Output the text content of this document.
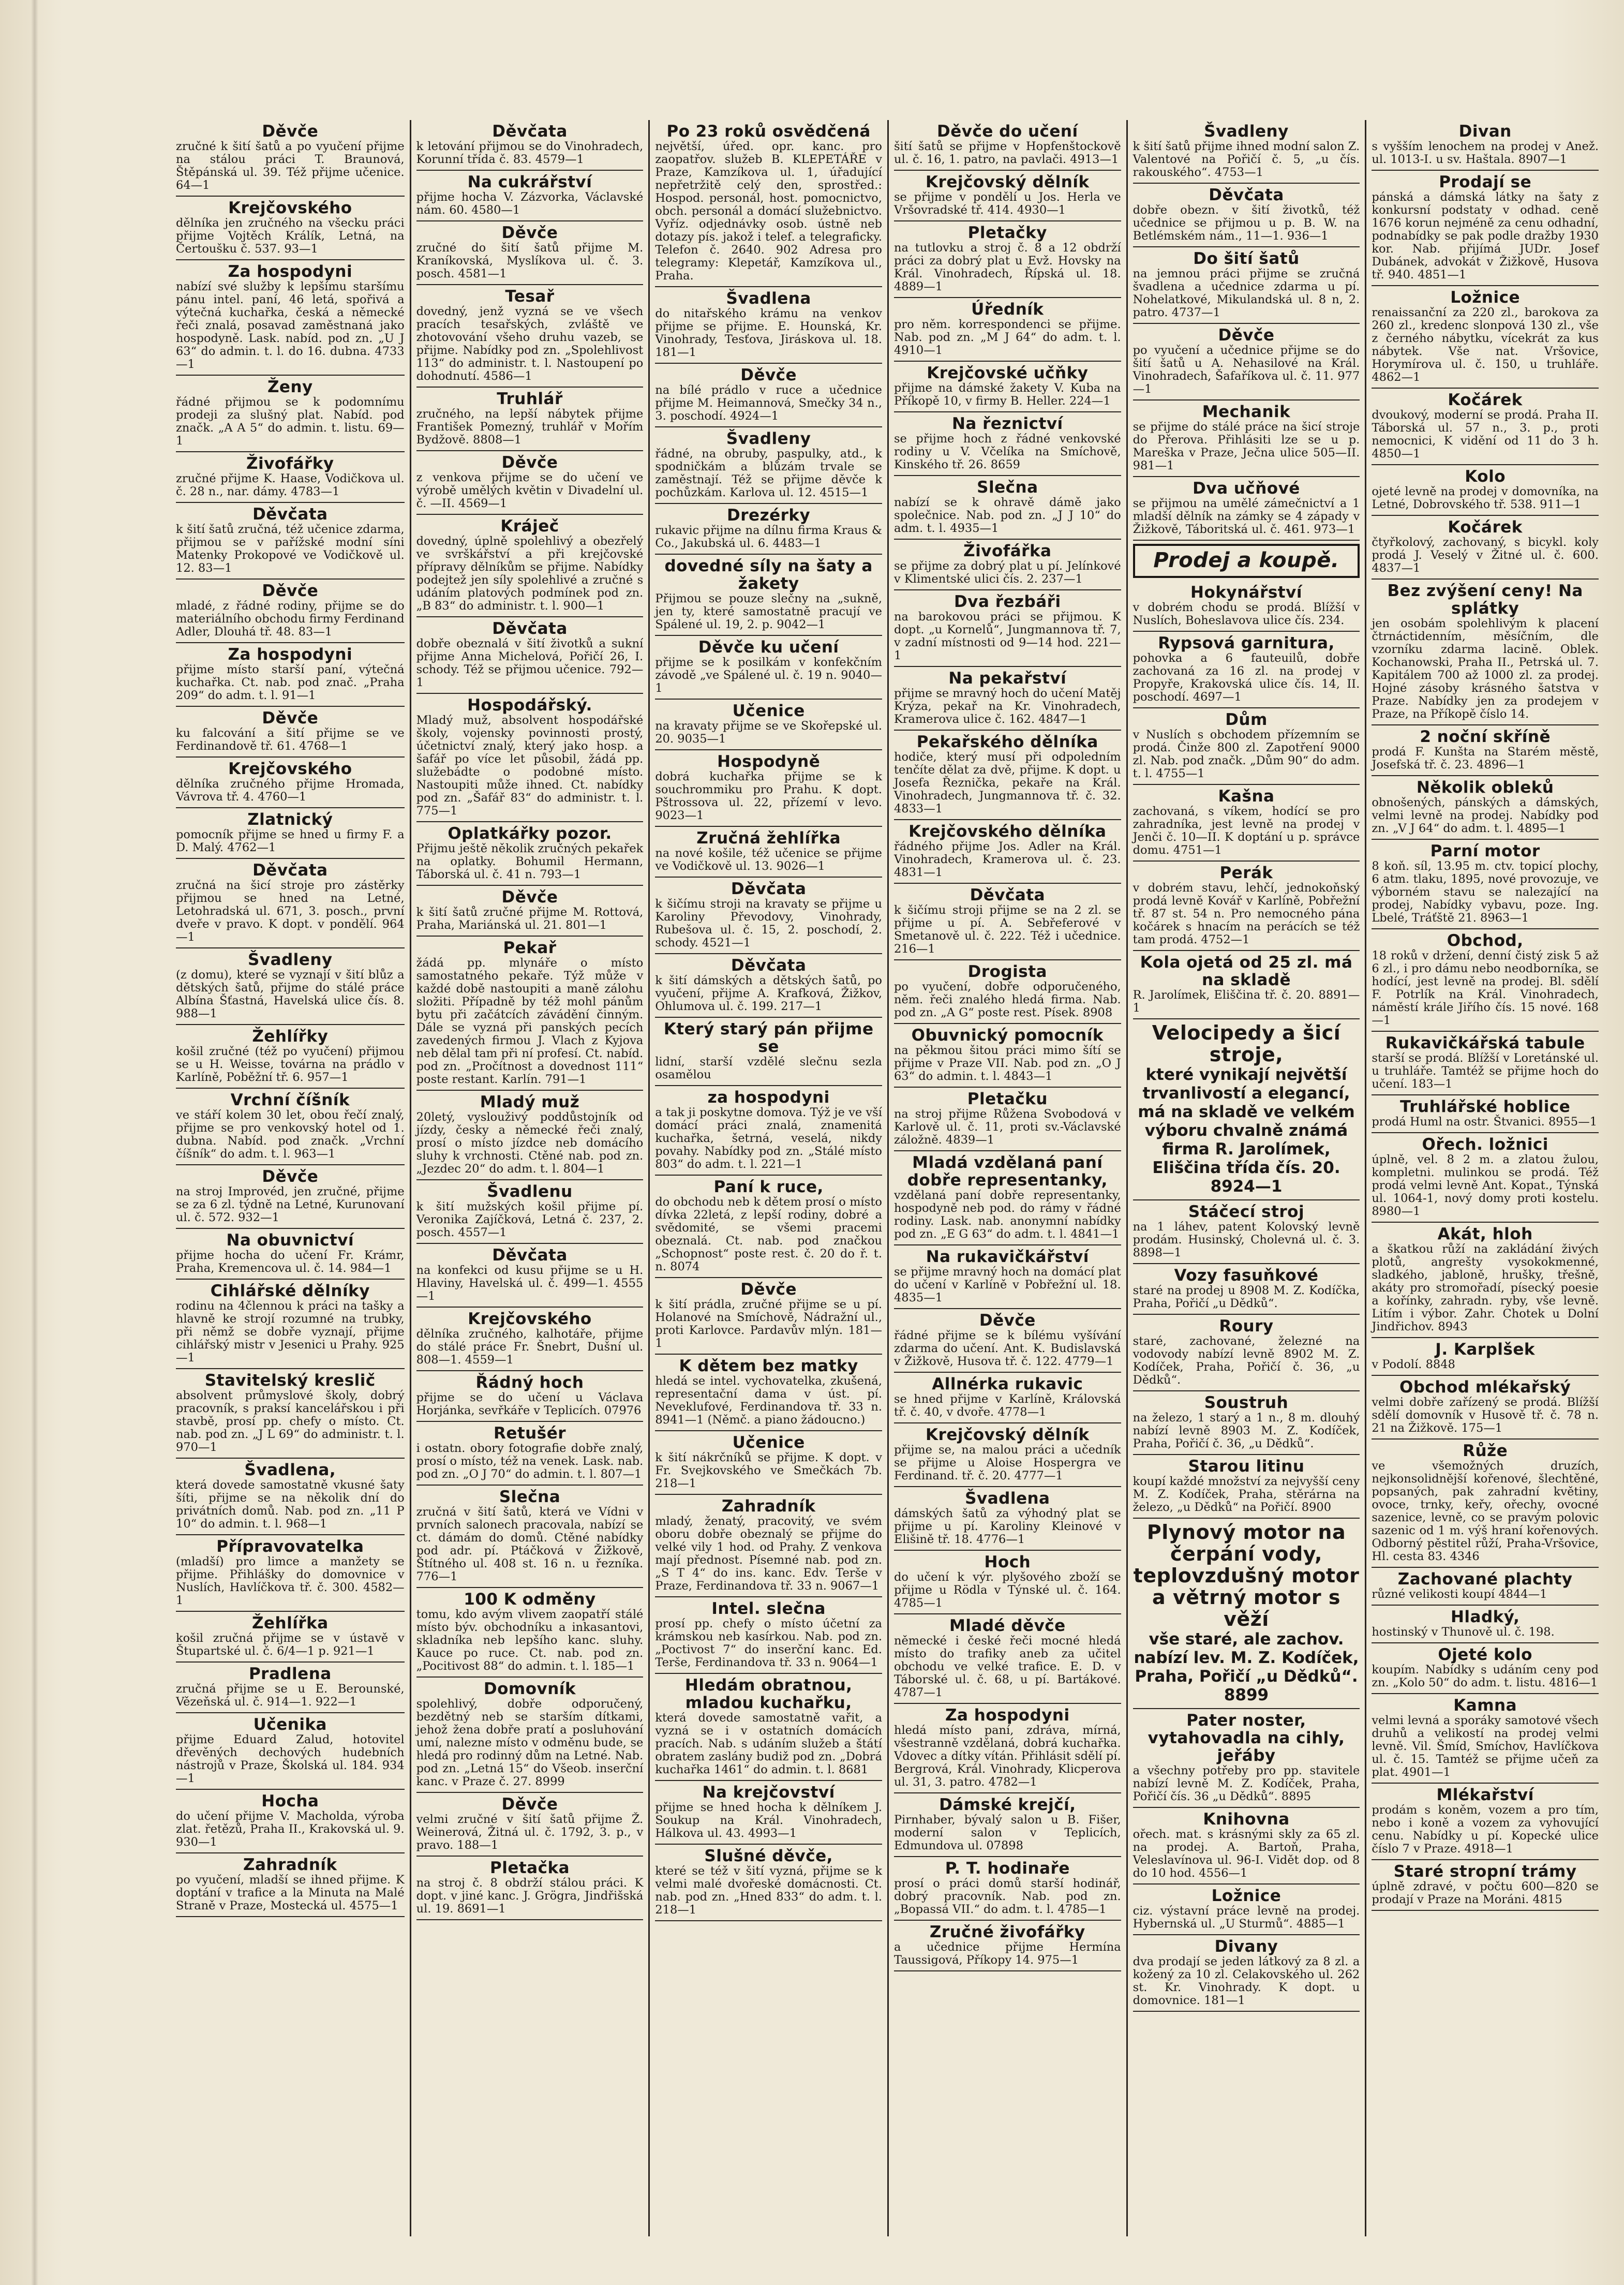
Děvče
zručné k šití šatů a po vyučení přijme na stálou práci T. Braunová, Štěpánská ul. 39. Též přijme učenice. 64—1
Krejčovského
dělníka jen zručného na všecku práci přijme Vojtěch Králík, Letná, na Čertoušku č. 537. 93—1
Za hospodyni
nabízí své služby k lepšímu staršímu pánu intel. paní, 46 letá, spořivá a výtečná kuchařka, česká a německé řeči znalá, posavad zaměstnaná jako hospodyně. Lask. nabíd. pod zn. „U J 63“ do admin. t. l. do 16. dubna. 4733—1
Ženy
řádné přijmou se k podomnímu prodeji za slušný plat. Nabíd. pod značk. „A A 5“ do admin. t. listu. 69—1
Živofářky
zručné přijme K. Haase, Vodičkova ul. č. 28 n., nar. dámy. 4783—1
Děvčata
k šití šatů zručná, též učenice zdarma, přijmou se v pařížské modní síni Matenky Prokopové ve Vodičkově ul. 12. 83—1
Děvče
mladé, z řádné rodiny, přijme se do materiálního obchodu firmy Ferdinand Adler, Dlouhá tř. 48. 83—1
Za hospodyni
přijme místo starší paní, výtečná kuchařka. Ct. nab. pod znač. „Praha 209“ do adm. t. l. 91—1
Děvče
ku falcování a šití přijme se ve Ferdinandově tř. 61. 4768—1
Krejčovského
dělníka zručného přijme Hromada, Vávrova tř. 4. 4760—1
Zlatnický
pomocník přijme se hned u firmy F. a D. Malý. 4762—1
Děvčata
zručná na šicí stroje pro zástěrky přijmou se hned na Letné, Letohradská ul. 671, 3. posch., první dveře v pravo. K dopt. v pondělí. 964—1
Švadleny
(z domu), které se vyznají v šití blůz a dětských šatů, přijme do stálé práce Albína Šťastná, Havelská ulice čís. 8. 988—1
Žehlířky
košil zručné (též po vyučení) přijmou se u H. Weisse, továrna na prádlo v Karlíně, Poběžní tř. 6. 957—1
Vrchní číšník
ve stáří kolem 30 let, obou řečí znalý, přijme se pro venkovský hotel od 1. dubna. Nabíd. pod značk. „Vrchní číšník“ do adm. t. l. 963—1
Děvče
na stroj Improvéd, jen zručné, přijme se za 6 zl. týdně na Letné, Kurunovaní ul. č. 572. 932—1
Na obuvnictví
přijme hocha do učení Fr. Krámr, Praha, Kremencova ul. č. 14. 984—1
Cihlářské dělníky
rodinu na 4člennou k práci na tašky a hlavně ke strojí rozumné na trubky, při němž se dobře vyznají, přijme cihlářský mistr v Jesenici u Prahy. 925—1
Stavitelský kreslič
absolvent průmyslové školy, dobrý pracovník, s praksí kancelářskou i při stavbě, prosí pp. chefy o místo. Ct. nab. pod zn. „J L 69“ do administr. t. l. 970—1
Švadlena,
která dovede samostatně vkusné šaty šíti, přijme se na několik dní do privátních domů. Nab. pod zn. „11 P 10“ do admin. t. l. 968—1
Přípravovatelka
(mladší) pro limce a manžety se přijme. Přihlášky do domovnice v Nuslích, Havlíčkova tř. č. 300. 4582—1
Žehlířka
košil zručná přijme se v ústavě v Štupartské ul. č. 6/4—1 p. 921—1
Pradlena
zručná přijme se u E. Berounské, Vězeňská ul. č. 914—1. 922—1
Učenika
přijme Eduard Zalud, hotovitel dřevěných dechových hudebních nástrojů v Praze, Školská ul. 184. 934—1
Hocha
do učení přijme V. Macholda, výroba zlat. řetězů, Praha II., Krakovská ul. 9. 930—1
Zahradník
po vyučení, mladší se ihned přijme. K doptání v trafice a la Minuta na Malé Straně v Praze, Mostecká ul. 4575—1
Děvčata
k letování přijmou se do Vinohradech, Korunní třída č. 83. 4579—1
Na cukrářství
přijme hocha V. Zázvorka, Václavské nám. 60. 4580—1
Děvče
zručné do šití šatů přijme M. Kraníkovská, Myslíkova ul. č. 3. posch. 4581—1
Tesař
dovedný, jenž vyzná se ve všech pracích tesařských, zvláště ve zhotovování všeho druhu vazeb, se přijme. Nabídky pod zn. „Spolehlivost 113“ do administr. t. l. Nastoupení po dohodnutí. 4586—1
Truhlář
zručného, na lepší nábytek přijme František Pomezný, truhlář v Mořím Bydžově. 8808—1
Děvče
z venkova přijme se do učení ve výrobě umělých květin v Divadelní ul. č. —II. 4569—1
Kráječ
dovedný, úplně spolehlivý a obezřelý ve svrškářství a při krejčovské přípravy dělníkům se přijme. Nabídky podejtež jen síly spolehlivé a zručné s udáním platových podmínek pod zn. „B 83“ do administr. t. l. 900—1
Děvčata
dobře obeznalá v šití životků a sukní přijme Anna Michelová, Pořičí 26, I. schody. Též se přijmou učenice. 792—1
Hospodářský.
Mladý muž, absolvent hospodářské školy, vojensky povinnosti prostý, účetnictví znalý, který jako hosp. a šafář po více let působil, žádá pp. služebádte o podobné místo. Nastoupiti může ihned. Ct. nabídky pod zn. „Šafář 83“ do administr. t. l. 775—1
Oplatkářky pozor.
Přijmu ještě několik zručných pekařek na oplatky. Bohumil Hermann, Táborská ul. č. 41 n. 793—1
Děvče
k šití šatů zručné přijme M. Rottová, Praha, Mariánská ul. 21. 801—1
Pekař
žádá pp. mlynáře o místo samostatného pekaře. Týž může v každé době nastoupiti a maně zálohu složiti. Případně by též mohl pánům bytu při začátcích závádění činným. Dále se vyzná při panských pecích zavedených firmou J. Vlach z Kyjova neb dělal tam při ní profesí. Ct. nabíd. pod zn. „Pročítnost a dovednost 111“ poste restant. Karlín. 791—1
Mladý muž
20letý, vyslouživý poddůstojník od jízdy, česky a německé řeči znalý, prosí o místo jízdce neb domácího sluhy k vrchnosti. Ctěné nab. pod zn. „Jezdec 20“ do adm. t. l. 804—1
Švadlenu
k šití mužských košil přijme pí. Veronika Zajíčková, Letná č. 237, 2. posch. 4557—1
Děvčata
na konfekci od kusu přijme se u H. Hlaviny, Havelská ul. č. 499—1. 4555—1
Krejčovského
dělníka zručného, kalhotáře, přijme do stálé práce Fr. Šnebrt, Dušní ul. 808—1. 4559—1
Řádný hoch
přijme se do učení u Václava Horjánka, sevřkáře v Teplicích. 07976
Retušér
i ostatn. obory fotografie dobře znalý, prosí o místo, též na venek. Lask. nab. pod zn. „O J 70“ do admin. t. l. 807—1
Slečna
zručná v šití šatů, která ve Vídni v prvních salonech pracovala, nabízí se ct. dámám do domů. Ctěné nabídky pod adr. pí. Ptáčková v Žižkově, Štítného ul. 408 st. 16 n. u řezníka. 776—1
100 K odměny
tomu, kdo avým vlivem zaopatří stálé místo býv. obchodníku a inkasantovi, skladníka neb lepšího kanc. sluhy. Kauce po ruce. Ct. nab. pod zn. „Pocitivost 88“ do admin. t. l. 185—1
Domovník
spolehlivý, dobře odporučený, bezdětný neb se starším dítkami, jehož žena dobře pratí a posluhování umí, nalezne místo v odměnu bude, se hledá pro rodinný dům na Letné. Nab. pod zn. „Letná 15“ do Všeob. inserční kanc. v Praze č. 27. 8999
Děvče
velmi zručné v šití šatů přijme Ž. Weinerová, Žitná ul. č. 1792, 3. p., v pravo. 188—1
Pletačka
na stroj č. 8 obdrží stálou práci. K dopt. v jiné kanc. J. Grögra, Jindřišská ul. 19. 8691—1
Po 23 roků osvědčená
největší, úřed. opr. kanc. pro zaopatřov. služeb B. KLEPETÁŘE v Praze, Kamzíkova ul. 1, úřadující nepřetržitě celý den, sprostřed.: Hospod. personál, host. pomocnictvo, obch. personál a domácí služebnictvo. Vyříz. odjednávky osob. ústně neb dotazy pís. jakož i telef. a telegraficky. Telefon č. 2640. 902 Adresa pro telegramy: Klepetář, Kamzíkova ul., Praha.
Švadlena
do nitařského krámu na venkov přijme se přijme. E. Hounská, Kr. Vinohrady, Tesťova, Jiráskova ul. 18. 181—1
Děvče
na bílé prádlo v ruce a učednice přijme M. Heimannová, Smečky 34 n., 3. poschodí. 4924—1
Švadleny
řádné, na obruby, paspulky, atd., k spodničkám a blůzám trvale se zaměstnají. Též se přijme děvče k pochůzkám. Karlova ul. 12. 4515—1
Drezérky
rukavic přijme na dílnu firma Kraus & Co., Jakubská ul. 6. 4483—1
dovedné síly na šaty a žakety
Přijmou se pouze slečny na „sukně, jen ty, které samostatně pracují ve Spálené ul. 19, 2. p. 9042—1
Děvče ku učení
přijme se k posilkám v konfekčním závodě „ve Spálené ul. č. 19 n. 9040—1
Učenice
na kravaty přijme se ve Skořepské ul. 20. 9035—1
Hospodyně
dobrá kuchařka přijme se k souchrommiku pro Prahu. K dopt. Pštrossova ul. 22, přízemí v levo. 9023—1
Zručná žehlířka
na nové košile, též učenice se přijme ve Vodičkově ul. 13. 9026—1
Děvčata
k šičímu stroji na kravaty se přijme u Karoliny Převodovy, Vinohrady, Rubešova ul. č. 15, 2. poschodí, 2. schody. 4521—1
Děvčata
k šití dámských a dětských šatů, po vyučení, přijme A. Krafková, Žižkov, Ohlumova ul. č. 199. 217—1
Který starý pán přijme se
lidní, starší vzdělé slečnu sezla osamělou
za hospodyni
a tak ji poskytne domova. Týž je ve vší domácí práci znalá, znamenitá kuchařka, šetrná, veselá, nikdy povahy. Nabídky pod zn. „Stálé místo 803“ do adm. t. l. 221—1
Paní k ruce,
do obchodu neb k dětem prosí o místo dívka 22letá, z lepší rodiny, dobré a svědomité, se všemi pracemi obeznalá. Ct. nab. pod značkou „Schopnost“ poste rest. č. 20 do ř. t. n. 8074
Děvče
k šití prádla, zručné přijme se u pí. Holanové na Smíchově, Nádražní ul., proti Karlovce. Pardavův mlýn. 181—1
K dětem bez matky
hledá se intel. vychovatelka, zkušená, representační dama v úst. pí. Neveklufové, Ferdinandova tř. 33 n. 8941—1 (Němč. a piano žádoucno.)
Učenice
k šití nákrčníků se přijme. K dopt. v Fr. Svejkovského ve Smečkách 7b. 218—1
Zahradník
mladý, ženatý, pracovitý, ve svém oboru dobře obeznalý se přijme do velké vily 1 hod. od Prahy. Z venkova mají přednost. Písemné nab. pod zn. „S T 4“ do ins. kanc. Edv. Terše v Praze, Ferdinandova tř. 33 n. 9067—1
Intel. slečna
prosí pp. chefy o místo účetní za krámskou neb kasírkou. Nab. pod zn. „Poctivost 7“ do inserční kanc. Ed. Terše, Ferdinandova tř. 33 n. 9064—1
Hledám obratnou, mladou kuchařku,
která dovede samostatně vařit, a vyzná se i v ostatních domácích pracích. Nab. s udáním služeb a štátí obratem zaslány budiž pod zn. „Dobrá kuchařka 1461“ do admin. t. l. 8681
Na krejčovství
přijme se hned hocha k dělníkem J. Soukup na Král. Vinohradech, Hálkova ul. 43. 4993—1
Slušné děvče,
které se též v šití vyzná, přijme se k velmi malé dvořeské domácnosti. Ct. nab. pod zn. „Hned 833“ do adm. t. l. 218—1
Děvče do učení
šití šatů se přijme v Hopfenštockově ul. č. 16, 1. patro, na pavlači. 4913—1
Krejčovský dělník
se přijme v pondělí u Jos. Herla ve Vršovradské tř. 414. 4930—1
Pletačky
na tutlovku a stroj č. 8 a 12 obdrží práci za dobrý plat u Evž. Hovsky na Král. Vinohradech, Řípská ul. 18. 4889—1
Úředník
pro něm. korrespondenci se přijme. Nab. pod zn. „M J 64“ do adm. t. l. 4910—1
Krejčovské učňky
přijme na dámské žakety V. Kuba na Příkopě 10, v firmy B. Heller. 224—1
Na řeznictví
se přijme hoch z řádné venkovské rodiny u V. Včelíka na Smíchově, Kinského tř. 26. 8659
Slečna
nabízí se k ohravě dámě jako společnice. Nab. pod zn. „J J 10“ do adm. t. l. 4935—1
Živofářka
se přijme za dobrý plat u pí. Jelínkové v Klimentské ulici čís. 2. 237—1
Dva řezbáři
na barokovou práci se přijmou. K dopt. „u Kornelů“, Jungmannova tř. 7, v zadní místnosti od 9—14 hod. 221—1
Na pekařství
přijme se mravný hoch do učení Matěj Krýza, pekař na Kr. Vinohradech, Kramerova ulice č. 162. 4847—1
Pekařského dělníka
hodiče, který musí při odpoledním tenčíte dělat za dvě, přijme. K dopt. u Josefa Řeznička, pekaře na Král. Vinohradech, Jungmannova tř. č. 32. 4833—1
Krejčovského dělníka
řádného přijme Jos. Adler na Král. Vinohradech, Kramerova ul. č. 23. 4831—1
Děvčata
k šičímu stroji přijme se na 2 zl. se přijme u pí. A. Sebřeferové v Smetanově ul. č. 222. Též i učednice. 216—1
Drogista
po vyučení, dobře odporučeného, něm. řeči znalého hledá firma. Nab. pod zn. „A G“ poste rest. Písek. 8908
Obuvnický pomocník
na pěkmou šitou práci mimo šítí se přijme v Praze VII. Nab. pod zn. „O J 63“ do admin. t. l. 4843—1
Pletačku
na stroj přijme Růžena Svobodová v Karlově ul. č. 11, proti sv.-Václavské záložně. 4839—1
Mladá vzdělaná paní dobře representanky,
vzdělaná paní dobře representanky, hospodyně neb pod. do rámy v řádné rodiny. Lask. nab. anonymní nabídky pod zn. „E G 63“ do adm. t. l. 4841—1
Na rukavičkářství
se přijme mravný hoch na domácí plat do učení v Karlíně v Pobřežní ul. 18. 4835—1
Děvče
řádné přijme se k bílému vyšívání zdarma do učení. Ant. K. Budislavská v Žižkově, Husova tř. č. 122. 4779—1
Allnérka rukavic
se hned přijme v Karlíně, Královská tř. č. 40, v dvoře. 4778—1
Krejčovský dělník
přijme se, na malou práci a učedník se přijme u Aloise Hospergra ve Ferdinand. tř. č. 20. 4777—1
Švadlena
dámských šatů za výhodný plat se přijme u pí. Karoliny Kleinové v Elišině tř. 18. 4776—1
Hoch
do učení k výr. plyšového zboží se přijme u Rödla v Týnské ul. č. 164. 4785—1
Mladé děvče
německé i české řeči mocné hledá místo do trafiky aneb za učitel obchodu ve velké trafice. E. D. v Táborské ul. č. 68, u pí. Bartákové. 4787—1
Za hospodyni
hledá místo paní, zdráva, mírná, všestranně vzdělaná, dobrá kuchařka. Vdovec a dítky vítán. Přihlásit sdělí pí. Bergrová, Král. Vinohrady, Klicperova ul. 31, 3. patro. 4782—1
Dámské krejčí,
Pirnhaber, bývalý salon u B. Fišer, moderní salon v Teplicích, Edmundova ul. 07898
P. T. hodinaře
prosí o práci domů starší hodinář, dobrý pracovník. Nab. pod zn. „Bopassá VII.“ do adm. t. l. 4785—1
Zručné živofářky
a učednice přijme Hermína Taussigová, Příkopy 14. 975—1
Švadleny
k šití šatů přijme ihned modní salon Z. Valentové na Pořičí č. 5, „u čís. rakouského“. 4753—1
Děvčata
dobře obezn. v šití životků, též učednice se přijmou u p. B. W. na Betlémském nám., 11—1. 936—1
Do šití šatů
na jemnou práci přijme se zručná švadlena a učednice zdarma u pí. Nohelatkové, Mikulandská ul. 8 n, 2. patro. 4737—1
Děvče
po vyučení a učednice přijme se do šití šatů u A. Nehasilové na Král. Vinohradech, Šafaříkova ul. č. 11. 977—1
Mechanik
se přijme do stálé práce na šicí stroje do Přerova. Přihlásiti lze se u p. Mareška v Praze, Ječna ulice 505—II. 981—1
Dva učňové
se přijmou na umělé zámečnictví a 1 mladší dělník na zámky se 4 západy v Žižkově, Táboritská ul. č. 461. 973—1
Prodej a koupě.
Hokynářství
v dobrém chodu se prodá. Blížší v Nuslích, Boheslavova ulice čís. 234.
Rypsová garnitura,
pohovka a 6 fauteuilů, dobře zachovaná za 16 zl. na prodej v Propyře, Krakovská ulice čís. 14, II. poschodí. 4697—1
Dům
v Nuslích s obchodem přízemním se prodá. Činže 800 zl. Zapotření 9000 zl. Nab. pod značk. „Dům 90“ do adm. t. l. 4755—1
Kašna
zachovaná, s víkem, hodící se pro zahradníka, jest levně na prodej v Jenči č. 10—II. K doptání u p. správce domu. 4751—1
Perák
v dobrém stavu, lehčí, jednokoňský prodá levně Kovář v Karlíně, Pobřežní tř. 87 st. 54 n. Pro nemocného pána kočárek s hnacím na perácích se též tam prodá. 4752—1
Kola ojetá od 25 zl. má na skladě
R. Jarolímek, Eliščina tř. č. 20. 8891—1
Velocipedy a šicí stroje,
které vynikají největší trvanlivostí a elegancí, má na skladě ve velkém výboru chvalně známá firma R. Jarolímek, Eliščina třída čís. 20. 8924—1
Stáčecí stroj
na 1 láhev, patent Kolovský levně prodám. Husinský, Cholevná ul. č. 3. 8898—1
Vozy fasuňkové
staré na prodej u 8908 M. Z. Kodíčka, Praha, Pořičí „u Dědků“.
Roury
staré, zachované, železné na vodovody nabízí levně 8902 M. Z. Kodíček, Praha, Pořičí č. 36, „u Dědků“.
Soustruh
na železo, 1 starý a 1 n., 8 m. dlouhý nabízí levně 8903 M. Z. Kodíček, Praha, Pořičí č. 36, „u Dědků“.
Starou litinu
koupí každé množství za nejvyšší ceny M. Z. Kodíček, Praha, stěrárna na železo, „u Dědků“ na Pořičí. 8900
Plynový motor na čerpání vody, teplovzdušný motor a větrný motor s věží
vše staré, ale zachov. nabízí lev. M. Z. Kodíček, Praha, Pořičí „u Dědků“. 8899
Pater noster, vytahovadla na cihly, jeřáby
a všechny potřeby pro pp. stavitele nabízí levně M. Z. Kodíček, Praha, Pořičí čís. 36 „u Dědků“. 8895
Knihovna
ořech. mat. s krásnými skly za 65 zl. na prodej. A. Bartoň, Praha, Veleslavínova ul. 96-I. Vidět dop. od 8 do 10 hod. 4556—1
Ložnice
ciz. výstavní práce levně na prodej. Hybernská ul. „U Sturmů“. 4885—1
Divany
dva prodají se jeden látkový za 8 zl. a kožený za 10 zl. Celakovského ul. 262 st. Kr. Vinohrady. K dopt. u domovnice. 181—1
Divan
s vyšším lenochem na prodej v Anež. ul. 1013-I. u sv. Haštala. 8907—1
Prodají se
pánská a dámská látky na šaty z konkursní podstaty v odhad. ceně 1676 korun nejméně za cenu odhadní, podnabídky se pak podle dražby 1930 kor. Nab. přijímá JUDr. Josef Dubánek, advokát v Žižkově, Husova tř. 940. 4851—1
Ložnice
renaissanční za 220 zl., barokova za 260 zl., kredenc slonpová 130 zl., vše z černého nábytku, vícekrát za kus nábytek. Vše nat. Vršovice, Horymírova ul. č. 150, u truhláře. 4862—1
Kočárek
dvoukový, moderní se prodá. Praha II. Táborská ul. 57 n., 3. p., proti nemocnici, K vidění od 11 do 3 h. 4850—1
Kolo
ojeté levně na prodej v domovníka, na Letné, Dobrovského tř. 538. 911—1
Kočárek
čtyřkolový, zachovaný, s bicykl. koly prodá J. Veselý v Žitné ul. č. 600. 4837—1
Bez zvýšení ceny! Na splátky
jen osobám spolehlivým k placení čtrnáctidenním, měsíčním, dle vzorníku zdarma lacině. Oblek. Kochanowski, Praha II., Petrská ul. 7. Kapitálem 700 až 1000 zl. za prodej. Hojné zásoby krásného šatstva v Praze. Nabídky jen za prodejem v Praze, na Příkopě číslo 14.
2 noční skříně
prodá F. Kunšta na Starém městě, Josefská tř. č. 23. 4896—1
Několik obleků
obnošených, pánských a dámských, velmi levně na prodej. Nabídky pod zn. „V J 64“ do adm. t. l. 4895—1
Parní motor
8 koň. síl, 13.95 m. ctv. topicí plochy, 6 atm. tlaku, 1895, nové provozuje, ve výborném stavu se nalezající na prodej, Nabídky vybavu, poze. Ing. Lbelé, Tráťště 21. 8963—1
Obchod,
18 roků v držení, denní čistý zisk 5 až 6 zl., i pro dámu nebo neodborníka, se hodící, jest levně na prodej. Bl. sdělí F. Potrlík na Král. Vinohradech, náměstí krále Jiřího čís. 15 nové. 168—1
Rukavičkářská tabule
starší se prodá. Blížší v Loretánské ul. u truhláře. Tamtéž se přijme hoch do učení. 183—1
Truhlářské hoblice
prodá Huml na ostr. Štvanici. 8955—1
Ořech. ložnici
úplně, vel. 8 2 m. a zlatou žulou, kompletni. mulinkou se prodá. Též prodá velmi levně Ant. Kopat., Týnská ul. 1064-1, nový domy proti kostelu. 8980—1
Akát, hloh
a škatkou růží na zakládání živých plotů, angrešty vysokokmenné, sladkého, jabloně, hrušky, třešně, akáty pro stromořadí, písecký poesie a kořínky, zahradn. ryby, vše levně. Litím i výbor. Zahr. Chotek u Dolní Jindřichov. 8943
J. Karplšek
v Podolí. 8848
Obchod mlékařský
velmi dobře zařízený se prodá. Blížší sdělí domovník v Husově tř. č. 78 n. 21 na Žižkově. 175—1
Růže
ve všemožných druzích, nejkonsolidnější kořenové, šlechtěné, popsaných, pak zahradní květiny, ovoce, trnky, keřy, ořechy, ovocné sazenice, levně, co se pravým polovic sazenic od 1 m. výš hraní kořenových. Odborný pěstitel růží, Praha-Vršovice, Hl. cesta 83. 4346
Zachované plachty
různé velikosti koupí 4844—1
Hladký,
hostinský v Thunově ul. č. 198.
Ojeté kolo
koupím. Nabídky s udáním ceny pod zn. „Kolo 50“ do adm. t. listu. 4816—1
Kamna
velmi levná a sporáky samotové všech druhů a velikostí na prodej velmi levně. Vil. Šmíd, Smíchov, Havlíčkova ul. č. 15. Tamtéž se přijme učeň za plat. 4901—1
Mlékařství
prodám s koněm, vozem a pro tím, nebo i koně a vozem za vyhovující cenu. Nabídky u pí. Kopecké ulice číslo 7 v Praze. 4918—1
Staré stropní trámy
úplně zdravé, v počtu 600—820 se prodají v Praze na Moráni. 4815
